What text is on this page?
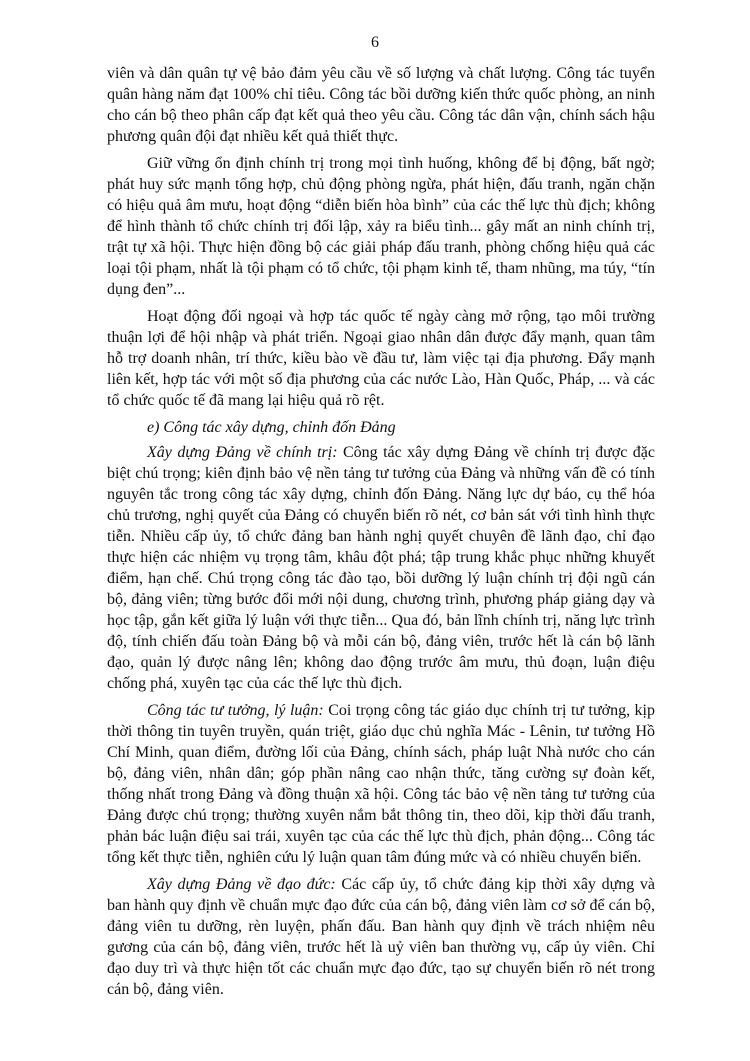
6

viên và dân quân tự vệ bảo đảm yêu cầu về số lượng và chất lượng. Công tác tuyển quân hàng năm đạt 100% chỉ tiêu. Công tác bồi dưỡng kiến thức quốc phòng, an ninh cho cán bộ theo phân cấp đạt kết quả theo yêu cầu. Công tác dân vận, chính sách hậu phương quân đội đạt nhiều kết quả thiết thực.

Giữ vững ổn định chính trị trong mọi tình huống, không để bị động, bất ngờ; phát huy sức mạnh tổng hợp, chủ động phòng ngừa, phát hiện, đấu tranh, ngăn chặn có hiệu quả âm mưu, hoạt động “diễn biến hòa bình” của các thế lực thù địch; không để hình thành tổ chức chính trị đối lập, xảy ra biểu tình... gây mất an ninh chính trị, trật tự xã hội. Thực hiện đồng bộ các giải pháp đấu tranh, phòng chống hiệu quả các loại tội phạm, nhất là tội phạm có tổ chức, tội phạm kinh tế, tham nhũng, ma túy, “tín dụng đen”...

Hoạt động đối ngoại và hợp tác quốc tế ngày càng mở rộng, tạo môi trường thuận lợi để hội nhập và phát triển. Ngoại giao nhân dân được đẩy mạnh, quan tâm hỗ trợ doanh nhân, trí thức, kiều bào về đầu tư, làm việc tại địa phương. Đẩy mạnh liên kết, hợp tác với một số địa phương của các nước Lào, Hàn Quốc, Pháp, ... và các tổ chức quốc tế đã mang lại hiệu quả rõ rệt.

e) Công tác xây dựng, chỉnh đốn Đảng

Xây dựng Đảng về chính trị: Công tác xây dựng Đảng về chính trị được đặc biệt chú trọng; kiên định bảo vệ nền tảng tư tưởng của Đảng và những vấn đề có tính nguyên tắc trong công tác xây dựng, chỉnh đốn Đảng. Năng lực dự báo, cụ thể hóa chủ trương, nghị quyết của Đảng có chuyển biến rõ nét, cơ bản sát với tình hình thực tiễn. Nhiều cấp ủy, tổ chức đảng ban hành nghị quyết chuyên đề lãnh đạo, chỉ đạo thực hiện các nhiệm vụ trọng tâm, khâu đột phá; tập trung khắc phục những khuyết điểm, hạn chế. Chú trọng công tác đào tạo, bồi dưỡng lý luận chính trị đội ngũ cán bộ, đảng viên; từng bước đổi mới nội dung, chương trình, phương pháp giảng dạy và học tập, gắn kết giữa lý luận với thực tiễn... Qua đó, bản lĩnh chính trị, năng lực trình độ, tính chiến đấu toàn Đảng bộ và mỗi cán bộ, đảng viên, trước hết là cán bộ lãnh đạo, quản lý được nâng lên; không dao động trước âm mưu, thủ đoạn, luận điệu chống phá, xuyên tạc của các thế lực thù địch.

Công tác tư tưởng, lý luận: Coi trọng công tác giáo dục chính trị tư tưởng, kịp thời thông tin tuyên truyền, quán triệt, giáo dục chủ nghĩa Mác - Lênin, tư tưởng Hồ Chí Minh, quan điểm, đường lối của Đảng, chính sách, pháp luật Nhà nước cho cán bộ, đảng viên, nhân dân; góp phần nâng cao nhận thức, tăng cường sự đoàn kết, thống nhất trong Đảng và đồng thuận xã hội. Công tác bảo vệ nền tảng tư tưởng của Đảng được chú trọng; thường xuyên nắm bắt thông tin, theo dõi, kịp thời đấu tranh, phản bác luận điệu sai trái, xuyên tạc của các thế lực thù địch, phản động... Công tác tổng kết thực tiễn, nghiên cứu lý luận quan tâm đúng mức và có nhiều chuyển biến.

Xây dựng Đảng về đạo đức: Các cấp ủy, tổ chức đảng kịp thời xây dựng và ban hành quy định về chuẩn mực đạo đức của cán bộ, đảng viên làm cơ sở để cán bộ, đảng viên tu dưỡng, rèn luyện, phấn đấu. Ban hành quy định về trách nhiệm nêu gương của cán bộ, đảng viên, trước hết là uỷ viên ban thường vụ, cấp ủy viên. Chỉ đạo duy trì và thực hiện tốt các chuẩn mực đạo đức, tạo sự chuyển biến rõ nét trong cán bộ, đảng viên.
